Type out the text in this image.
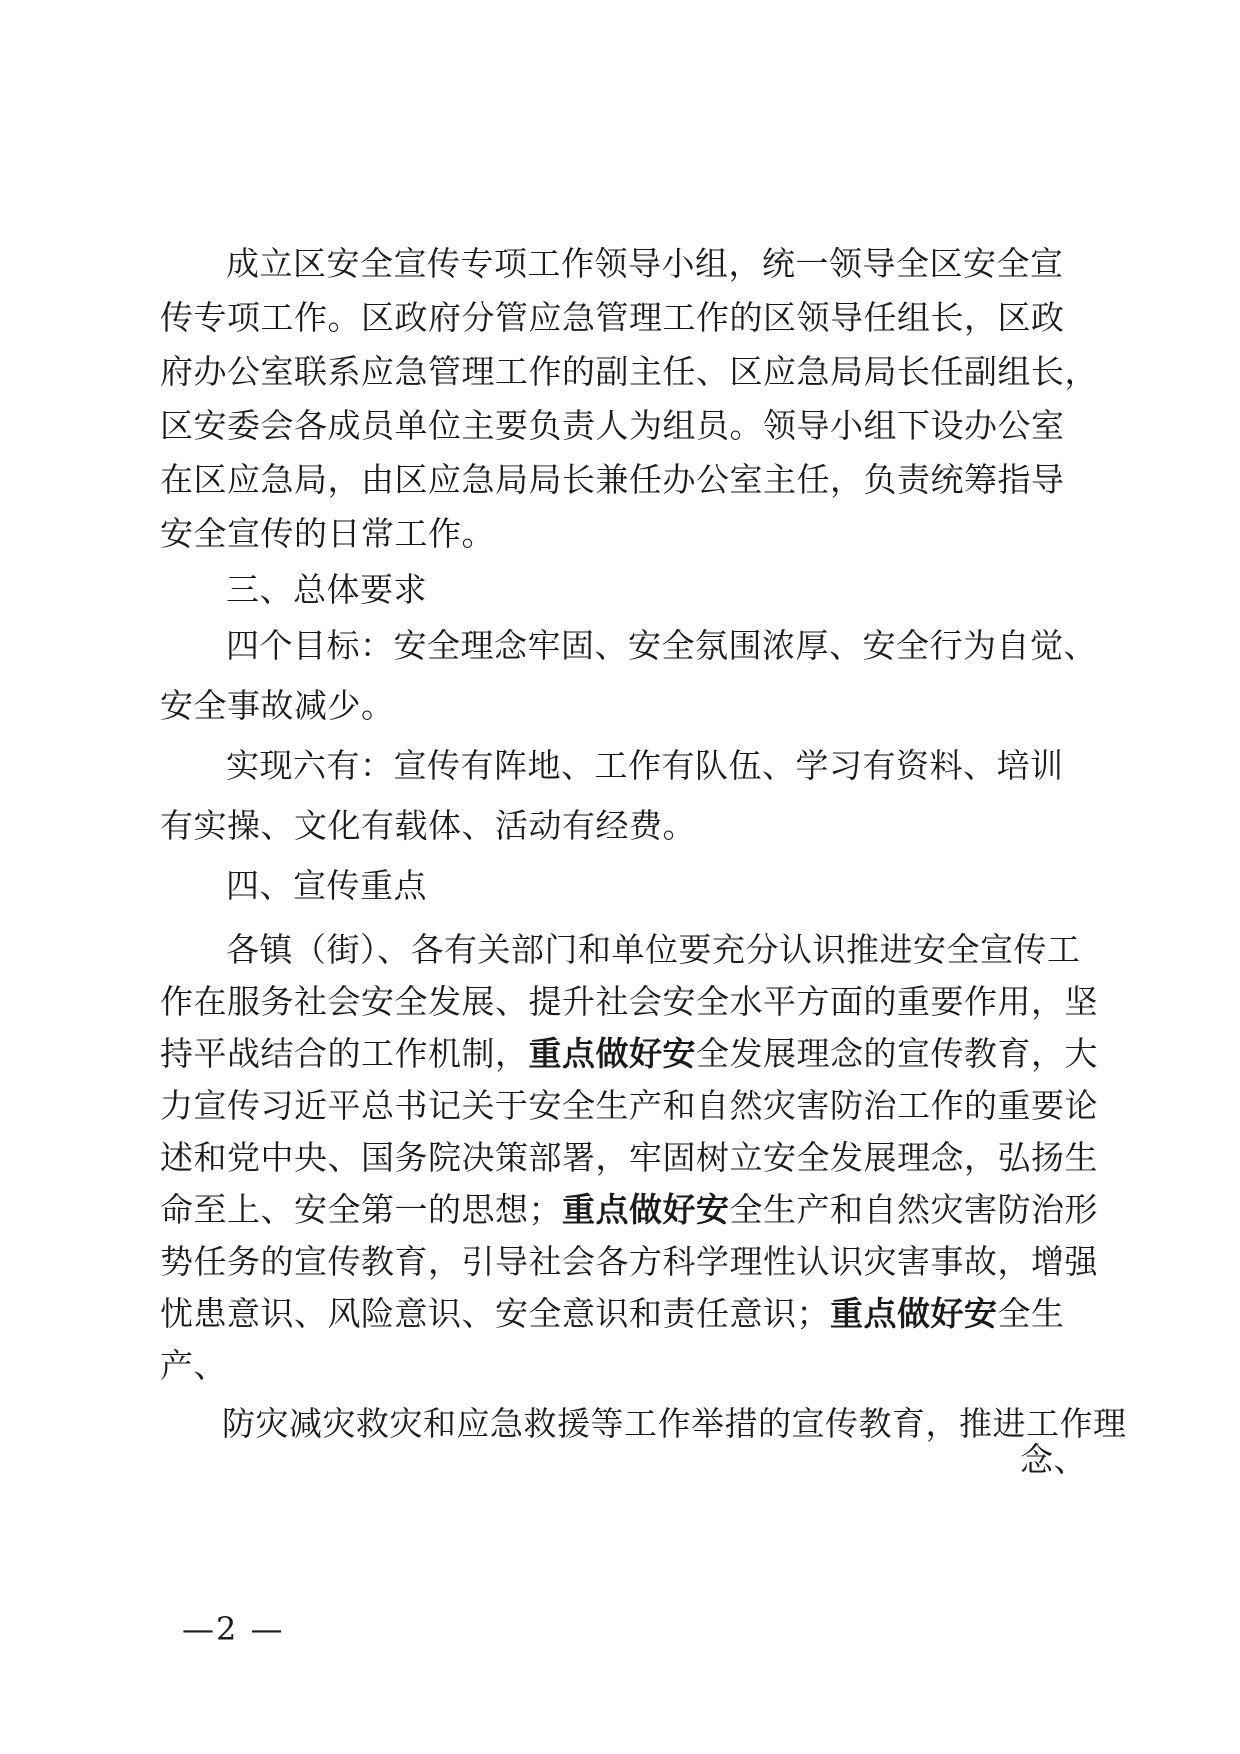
成立区安全宣传专项工作领导小组，统一领导全区安全宣
传专项工作。区政府分管应急管理工作的区领导任组长，区政
府办公室联系应急管理工作的副主任、区应急局局长任副组长，
区安委会各成员单位主要负责人为组员。领导小组下设办公室
在区应急局，由区应急局局长兼任办公室主任，负责统筹指导
安全宣传的日常工作。
三、总体要求
四个目标：安全理念牢固、安全氛围浓厚、安全行为自觉、
安全事故减少。
实现六有：宣传有阵地、工作有队伍、学习有资料、培训
有实操、文化有载体、活动有经费。
四、宣传重点
各镇（街）、各有关部门和单位要充分认识推进安全宣传工
作在服务社会安全发展、提升社会安全水平方面的重要作用，坚
持平战结合的工作机制，重点做好安全发展理念的宣传教育，大
力宣传习近平总书记关于安全生产和自然灾害防治工作的重要论
述和党中央、国务院决策部署，牢固树立安全发展理念，弘扬生
命至上、安全第一的思想；重点做好安全生产和自然灾害防治形
势任务的宣传教育，引导社会各方科学理性认识灾害事故，增强
忧患意识、风险意识、安全意识和责任意识；重点做好安全生
产、
防灾减灾救灾和应急救援等工作举措的宣传教育，推进工作理
念、
—2 —
